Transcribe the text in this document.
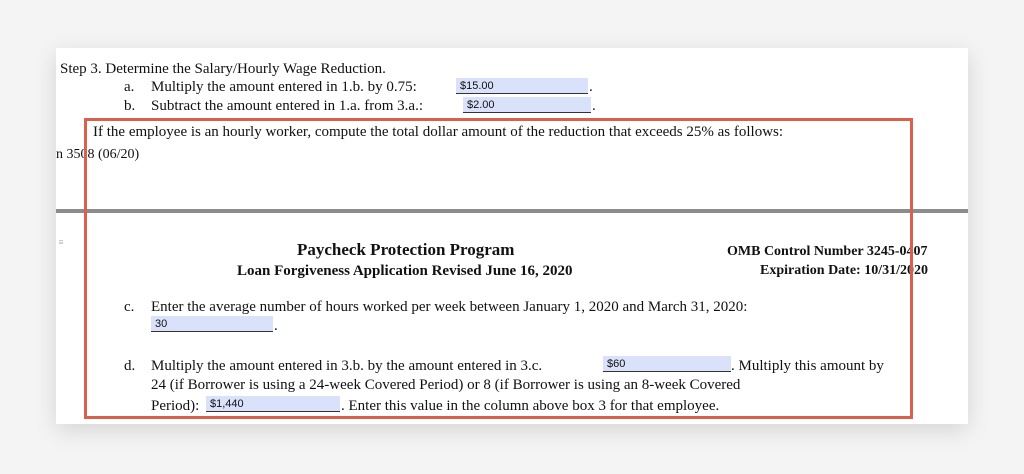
Step 3. Determine the Salary/Hourly Wage Reduction.
a. Multiply the amount entered in 1.b. by 0.75:	$15.00	.
b. Subtract the amount entered in 1.a. from 3.a.:	$2.00	.
If the employee is an hourly worker, compute the total dollar amount of the reduction that exceeds 25% as follows:
n 3508 (06/20)
≡	Paycheck Protection Program
Loan Forgiveness Application Revised June 16, 2020
OMB Control Number 3245-0407
Expiration Date: 10/31/2020
c. Enter the average number of hours worked per week between January 1, 2020 and March 31, 2020:
30	.
d. Multiply the amount entered in 3.b. by the amount entered in 3.c.	$60	. Multiply this amount by
24 (if Borrower is using a 24-week Covered Period) or 8 (if Borrower is using an 8-week Covered
Period): $1,440	. Enter this value in the column above box 3 for that employee.
